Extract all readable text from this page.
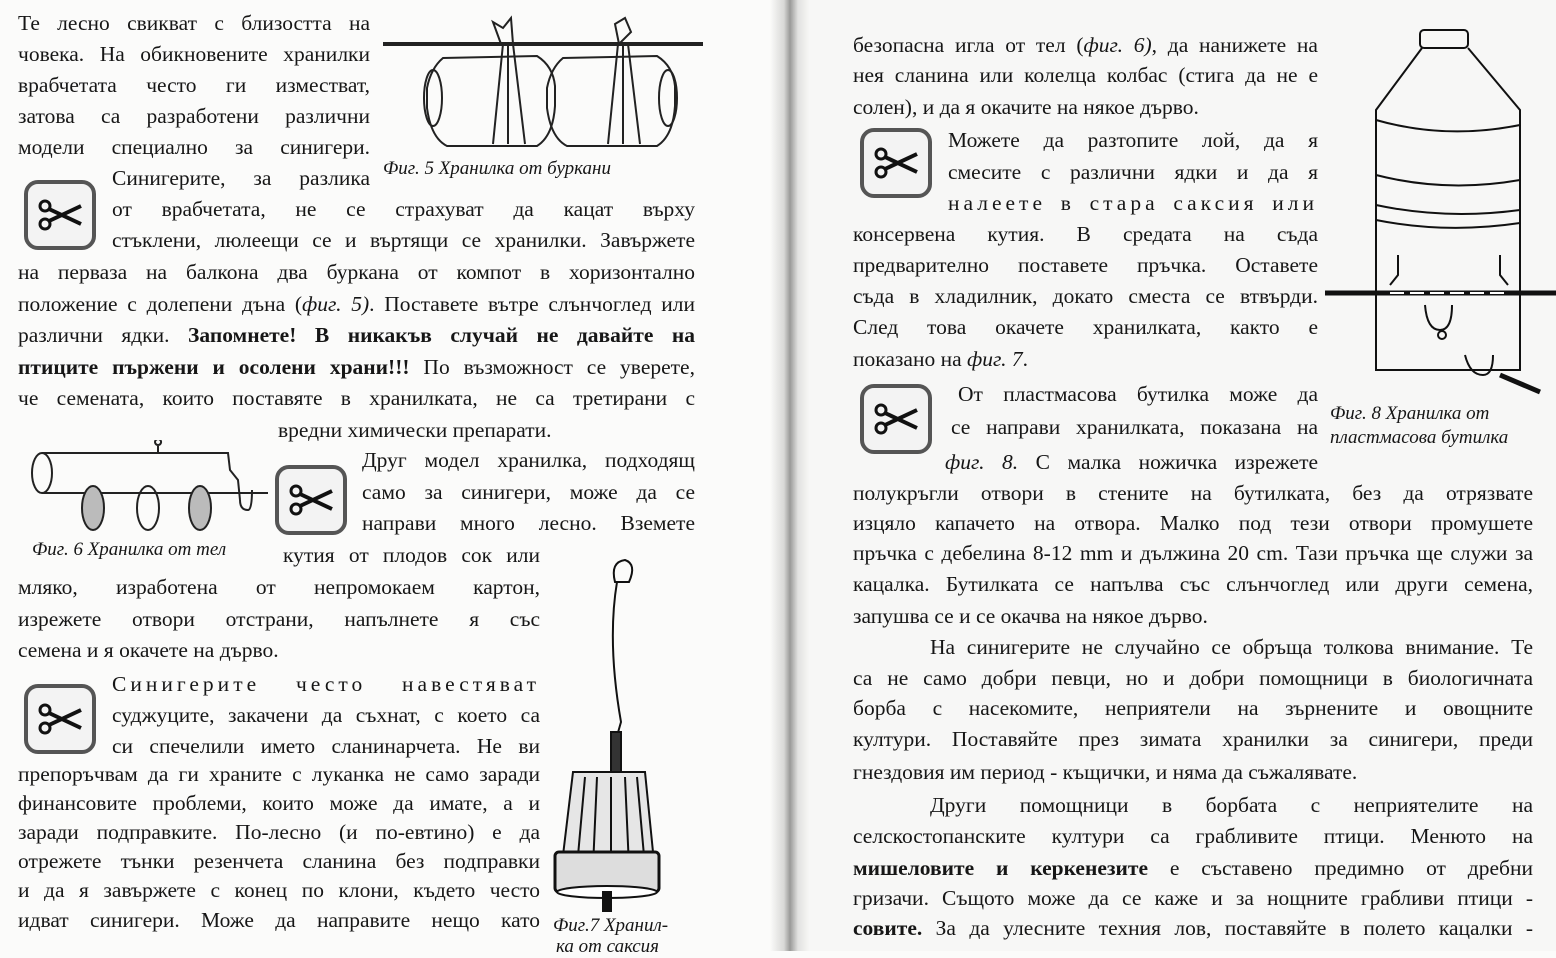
Те лесно свикват с близостта на
човека. На обикновените хранилки
врабчетата често ги изместват,
затова са разработени различни
модели специално за синигери.
Синигерите, за разлика
от врабчетата, не се страхуват да кацат върху
стъклени, люлеещи се и въртящи се хранилки. Завържете
на перваза на балкона два буркана от компот в хоризонтално
положение с долепени дъна (фиг. 5). Поставете вътре слънчоглед или
различни ядки. Запомнете! В никакъв случай не давайте на
птиците пържени и осолени храни!!! По възможност се уверете,
че семената, които поставяте в хранилката, не са третирани с
вредни химически препарати.
Друг модел хранилка, подходящ
само за синигери, може да се
направи много лесно. Вземете
кутия от плодов сок или
мляко, изработена от непромокаем картон,
изрежете отвори отстрани, напълнете я със
семена и я окачете на дърво.
Синигерите често навестяват
суджуците, закачени да съхнат, с което са
си спечелили името сланинарчета. Не ви
препоръчвам да ги храните с луканка не само заради
финансовите проблеми, които може да имате, а и
заради подправките. По-лесно (и по-евтино) е да
отрежете тънки резенчета сланина без подправки
и да я завържете с конец по клони, където често
идват синигери. Може да направите нещо като
безопасна игла от тел (фиг. 6), да нанижете на
нея сланина или колелца колбас (стига да не е
солен), и да я окачите на някое дърво.
Можете да разтопите лой, да я
смесите с различни ядки и да я
налеете в стара саксия или
консервена кутия. В средата на съда
предварително поставете пръчка. Оставете
съда в хладилник, докато сместа се втвърди.
След това окачете хранилката, както е
показано на фиг. 7.
От пластмасова бутилка може да
се направи хранилката, показана на
фиг. 8. С малка ножичка изрежете
полукръгли отвори в стените на бутилката, без да отрязвате
изцяло капачето на отвора. Малко под тези отвори промушете
пръчка с дебелина 8-12 mm и дължина 20 cm. Тази пръчка ще служи за
кацалка. Бутилката се напълва със слънчоглед или други семена,
запушва се и се окачва на някое дърво.
На синигерите не случайно се обръща толкова внимание. Те
са не само добри певци, но и добри помощници в биологичната
борба с насекомите, неприятели на зърнените и овощните
култури. Поставяйте през зимата хранилки за синигери, преди
гнездовия им период - къщички, и няма да съжалявате.
Други помощници в борбата с неприятелите на
селскостопанските култури са грабливите птици. Менюто на
мишеловите и керкенезите е съставено предимно от дребни
гризачи. Същото може да се каже и за нощните грабливи птици -
совите. За да улесните техния лов, поставяйте в полето кацалки -
Фиг. 5 Хранилка от буркани
Фиг. 6 Хранилка от тел
Фиг.7 Хранил-
ка от саксия
Фиг. 8 Хранилка от
пластмасова бутилка
